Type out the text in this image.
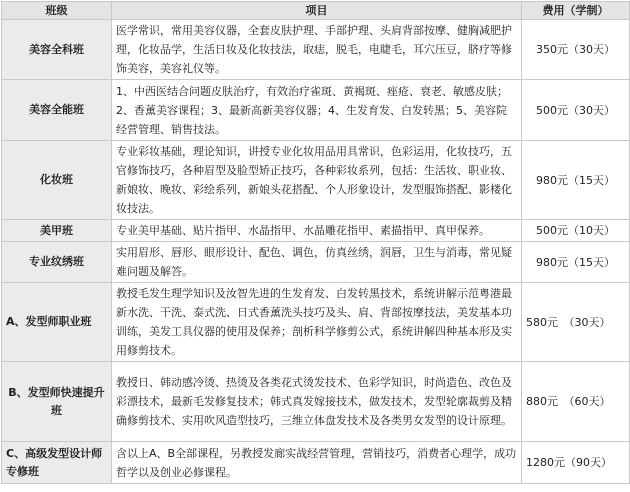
班级	项目	费用（学制）
美容全科班	医学常识，常用美容仪器，全套皮肤护理、手部护理、头肩背部按摩、健胸减肥护理，化妆品学，生活日妆及化妆技法，取痣，脱毛，电睫毛，耳穴压豆，脐疗等修饰美容，美容礼仪等。	350元（30天）
美容全能班	1、中西医结合问题皮肤治疗，有效治疗雀斑、黄褐斑、痤疮、衰老、敏感皮肤；2、香薰美容课程；3、最新高新美容仪器；4、生发育发、白发转黑；5、美容院经营管理、销售技法。	500元（30天）
化妆班	专业彩妆基础，理论知识，讲授专业化妆用品用具常识，色彩运用，化妆技巧，五官修饰技巧，各种眉型及脸型矫正技巧，各种彩妆系列，包括：生活妆、职业妆、新娘妆、晚妆、彩绘系列，新娘头花搭配、个人形象设计，发型服饰搭配、影楼化妆技法。	980元（15天）
美甲班	专业美甲基础、贴片指甲、水晶指甲、水晶雕花指甲、素描指甲、真甲保养。	500元（10天）
专业纹绣班	实用眉形、唇形、眼形设计、配色、调色，仿真丝绣，润唇，卫生与消毒，常见疑难问题及解答。	980元（15天）
A、发型师职业班	教授毛发生理学知识及汝智先进的生发育发、白发转黑技术，系统讲解示范粤港最新水洗、干洗、泰式洗、日式香薰洗头技巧及头、肩、背部按摩技法，美发基本功训练，美发工具仪器的使用及保养；剖析科学修剪公式，系统讲解四种基本形及实用修剪技术。	580元　（30天）
B、发型师快速提升班	教授日、韩动感冷烫、热烫及各类花式烫发技术、色彩学知识，时尚造色、改色及彩漂技术，最新毛发修复技术；韩式真发嫁接技术，做发技术，发型轮廓裁剪及精确修剪技术、实用吹风造型技巧，三维立体盘发技术及各类男女发型的设计原理。	880元　（60天）
C、高级发型设计师专修班	含以上A、B全部课程，另教授发廊实战经营管理，营销技巧，消费者心理学，成功哲学以及创业必修课程。	1280元（90天）
